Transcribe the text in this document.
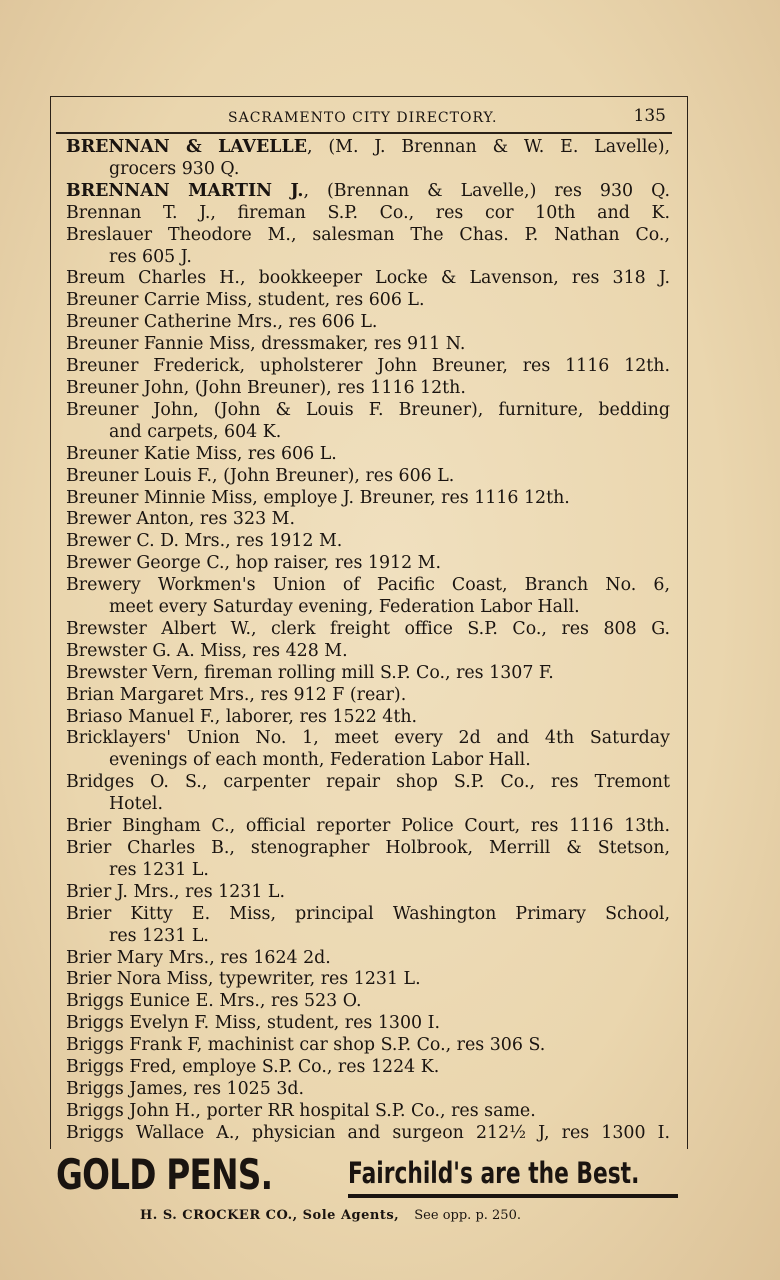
SACRAMENTO CITY DIRECTORY.	135
BRENNAN & LAVELLE, (M. J. Brennan & W. E. Lavelle),
grocers 930 Q.
BRENNAN MARTIN J., (Brennan & Lavelle,) res 930 Q.
Brennan T. J., fireman S.P. Co., res cor 10th and K.
Breslauer Theodore M., salesman The Chas. P. Nathan Co.,
res 605 J.
Breum Charles H., bookkeeper Locke & Lavenson, res 318 J.
Breuner Carrie Miss, student, res 606 L.
Breuner Catherine Mrs., res 606 L.
Breuner Fannie Miss, dressmaker, res 911 N.
Breuner Frederick, upholsterer John Breuner, res 1116 12th.
Breuner John, (John Breuner), res 1116 12th.
Breuner John, (John & Louis F. Breuner), furniture, bedding
and carpets, 604 K.
Breuner Katie Miss, res 606 L.
Breuner Louis F., (John Breuner), res 606 L.
Breuner Minnie Miss, employe J. Breuner, res 1116 12th.
Brewer Anton, res 323 M.
Brewer C. D. Mrs., res 1912 M.
Brewer George C., hop raiser, res 1912 M.
Brewery Workmen's Union of Pacific Coast, Branch No. 6,
meet every Saturday evening, Federation Labor Hall.
Brewster Albert W., clerk freight office S.P. Co., res 808 G.
Brewster G. A. Miss, res 428 M.
Brewster Vern, fireman rolling mill S.P. Co., res 1307 F.
Brian Margaret Mrs., res 912 F (rear).
Briaso Manuel F., laborer, res 1522 4th.
Bricklayers' Union No. 1, meet every 2d and 4th Saturday
evenings of each month, Federation Labor Hall.
Bridges O. S., carpenter repair shop S.P. Co., res Tremont
Hotel.
Brier Bingham C., official reporter Police Court, res 1116 13th.
Brier Charles B., stenographer Holbrook, Merrill & Stetson,
res 1231 L.
Brier J. Mrs., res 1231 L.
Brier Kitty E. Miss, principal Washington Primary School,
res 1231 L.
Brier Mary Mrs., res 1624 2d.
Brier Nora Miss, typewriter, res 1231 L.
Briggs Eunice E. Mrs., res 523 O.
Briggs Evelyn F. Miss, student, res 1300 I.
Briggs Frank F, machinist car shop S.P. Co., res 306 S.
Briggs Fred, employe S.P. Co., res 1224 K.
Briggs James, res 1025 3d.
Briggs John H., porter RR hospital S.P. Co., res same.
Briggs Wallace A., physician and surgeon 212½ J, res 1300 I.
GOLD PENS.	Fairchild's are the Best.
H. S. CROCKER CO., Sole Agents, See opp. p. 250.
